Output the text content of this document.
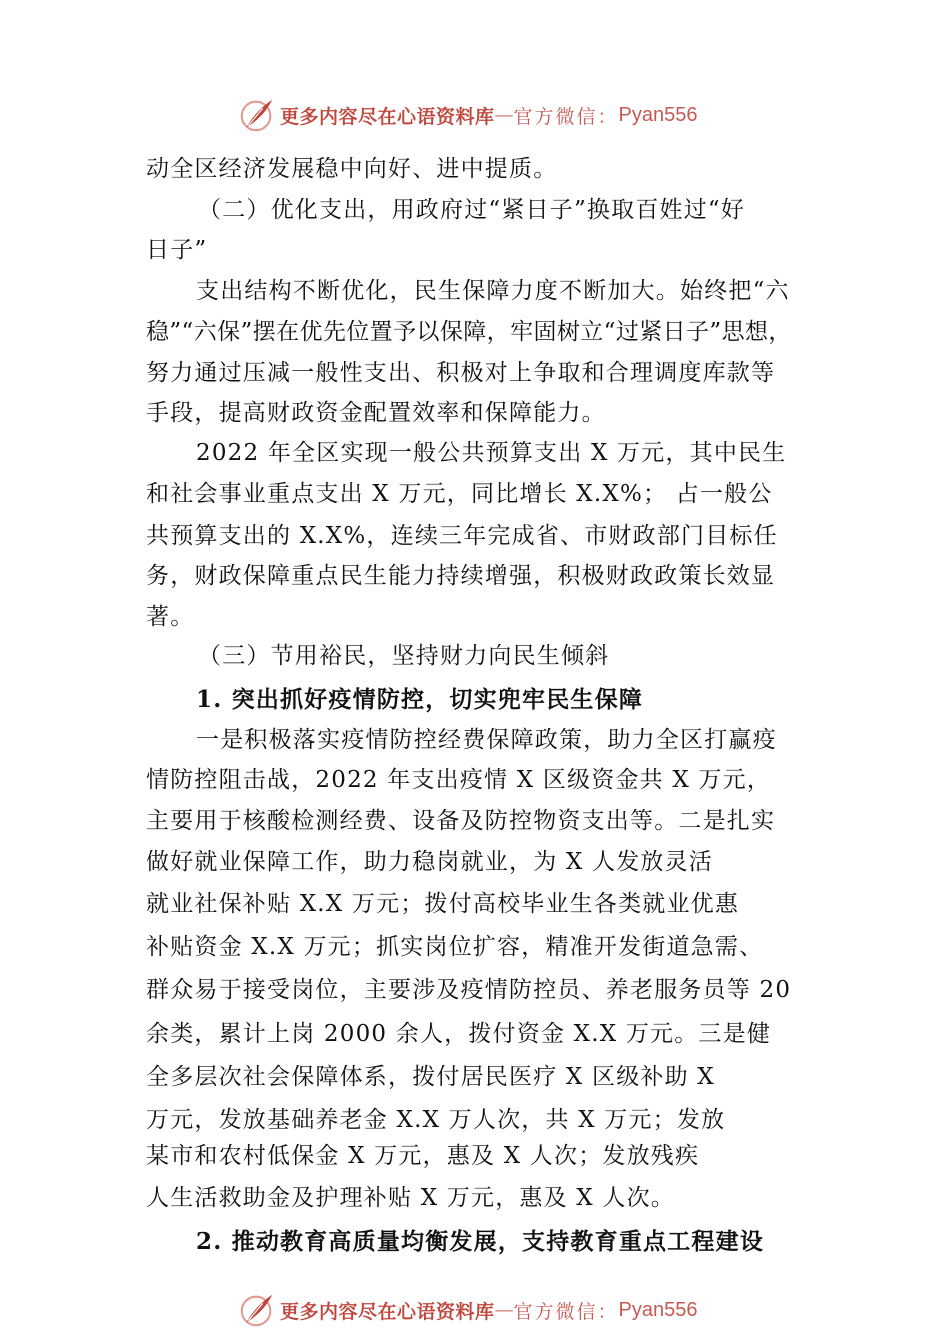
更多内容尽在心语资料库 — 官方微信： Pyan556
动全区经济发展稳中向好、进中提质。
（二）优化支出，用政府过“紧日子”换取百姓过“好
日子”
支出结构不断优化，民生保障力度不断加大。始终把“六
稳”“六保”摆在优先位置予以保障，牢固树立“过紧日子”思想，
努力通过压减一般性支出、积极对上争取和合理调度库款等
手段，提高财政资金配置效率和保障能力。
2022 年全区实现一般公共预算支出 X 万元，其中民生
和社会事业重点支出 X 万元，同比增长 X.X%； 占一般公
共预算支出的 X.X%，连续三年完成省、市财政部门目标任
务，财政保障重点民生能力持续增强，积极财政政策长效显
著。
（三）节用裕民，坚持财力向民生倾斜
1. 突出抓好疫情防控，切实兜牢民生保障
一是积极落实疫情防控经费保障政策，助力全区打赢疫
情防控阻击战，2022 年支出疫情 X 区级资金共 X 万元，
主要用于核酸检测经费、设备及防控物资支出等。二是扎实
做好就业保障工作，助力稳岗就业，为 X 人发放灵活
就业社保补贴 X.X 万元；拨付高校毕业生各类就业优惠
补贴资金 X.X 万元；抓实岗位扩容，精准开发街道急需、
群众易于接受岗位，主要涉及疫情防控员、养老服务员等 20
余类，累计上岗 2000 余人，拨付资金 X.X 万元。三是健
全多层次社会保障体系，拨付居民医疗 X 区级补助 X
万元，发放基础养老金 X.X 万人次，共 X 万元；发放
某市和农村低保金 X 万元，惠及 X 人次；发放残疾
人生活救助金及护理补贴 X 万元，惠及 X 人次。
2. 推动教育高质量均衡发展，支持教育重点工程建设
更多内容尽在心语资料库 — 官方微信： Pyan556
